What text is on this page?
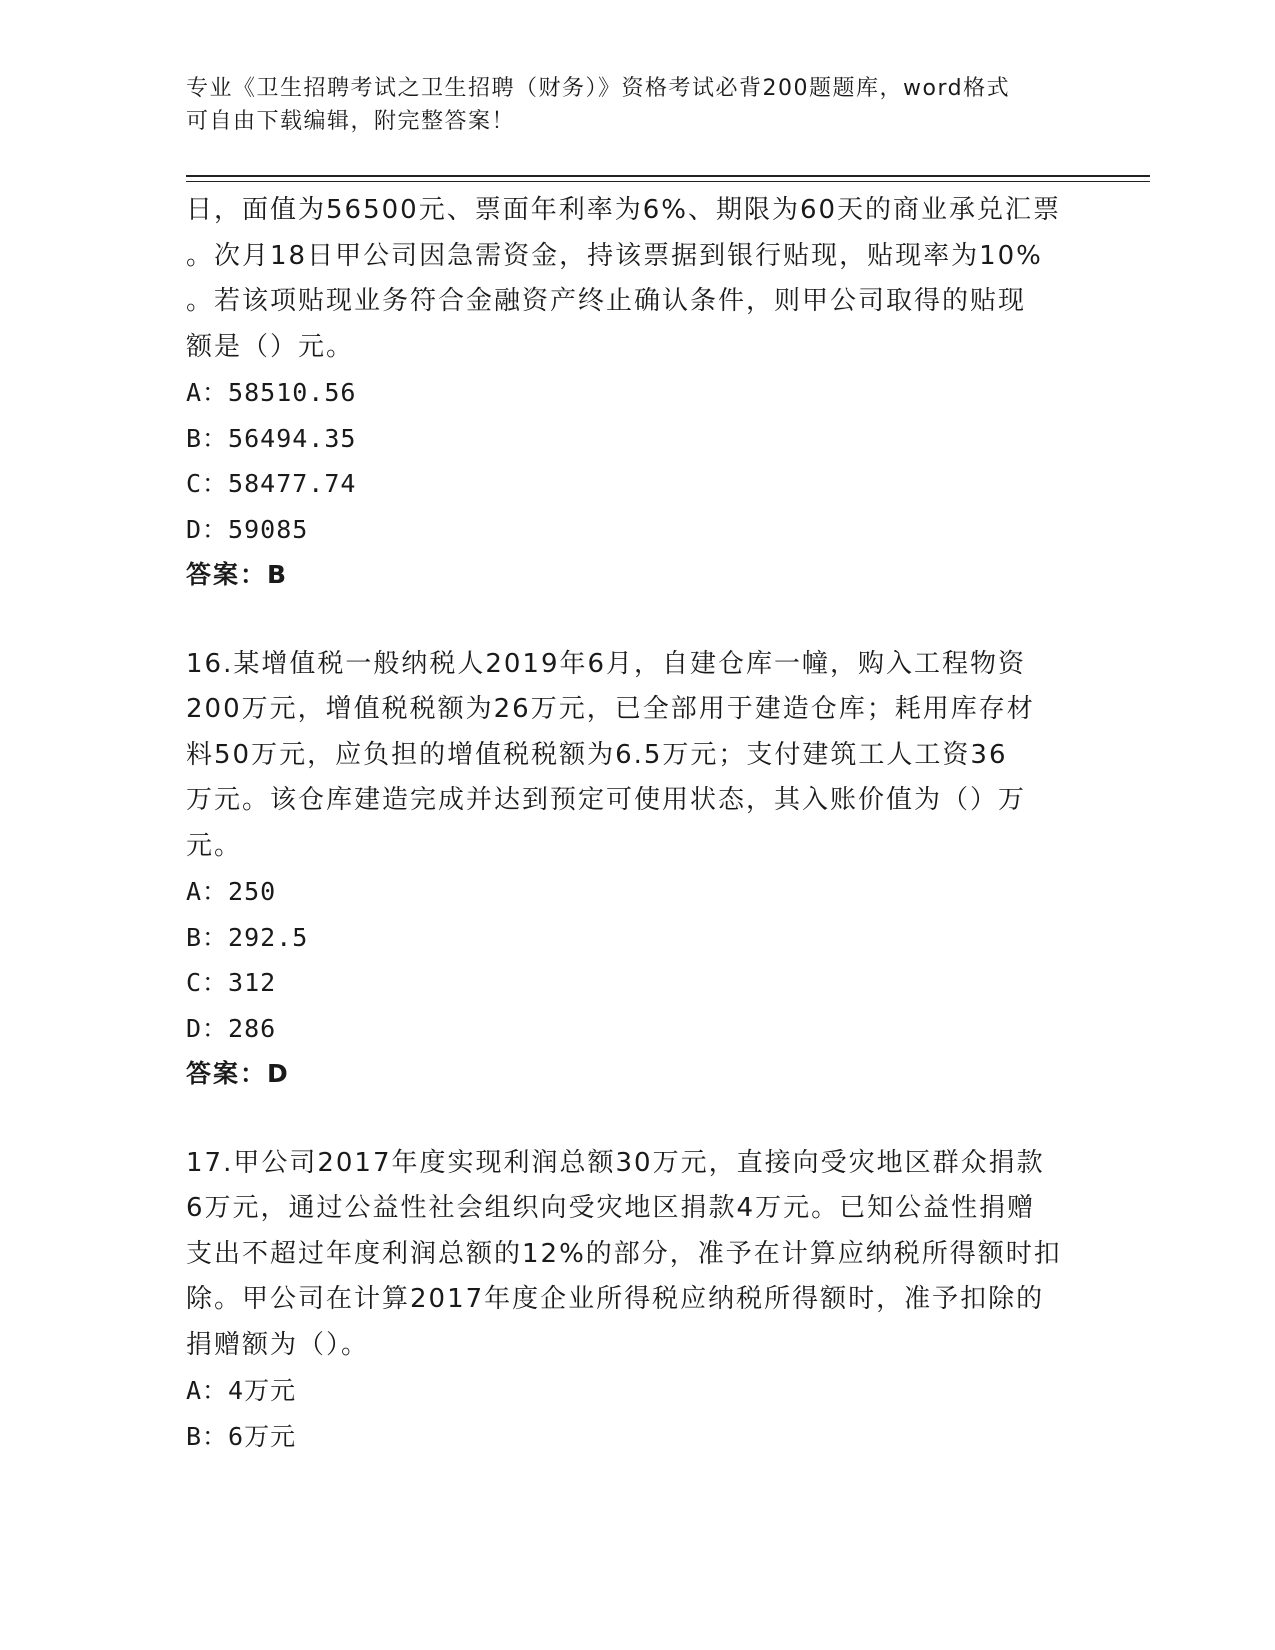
专业《卫生招聘考试之卫生招聘（财务）》资格考试必背200题题库，word格式
可自由下载编辑，附完整答案！
日，面值为56500元、票面年利率为6%、期限为60天的商业承兑汇票
。次月18日甲公司因急需资金，持该票据到银行贴现，贴现率为10%
。若该项贴现业务符合金融资产终止确认条件，则甲公司取得的贴现
额是（）元。
A：58510.56
B：56494.35
C：58477.74
D：59085
答案：B
16.某增值税一般纳税人2019年6月，自建仓库一幢，购入工程物资
200万元，增值税税额为26万元，已全部用于建造仓库；耗用库存材
料50万元，应负担的增值税税额为6.5万元；支付建筑工人工资36
万元。该仓库建造完成并达到预定可使用状态，其入账价值为（）万
元。
A：250
B：292.5
C：312
D：286
答案：D
17.甲公司2017年度实现利润总额30万元，直接向受灾地区群众捐款
6万元，通过公益性社会组织向受灾地区捐款4万元。已知公益性捐赠
支出不超过年度利润总额的12%的部分，准予在计算应纳税所得额时扣
除。甲公司在计算2017年度企业所得税应纳税所得额时，准予扣除的
捐赠额为（）。
A：4万元
B：6万元
